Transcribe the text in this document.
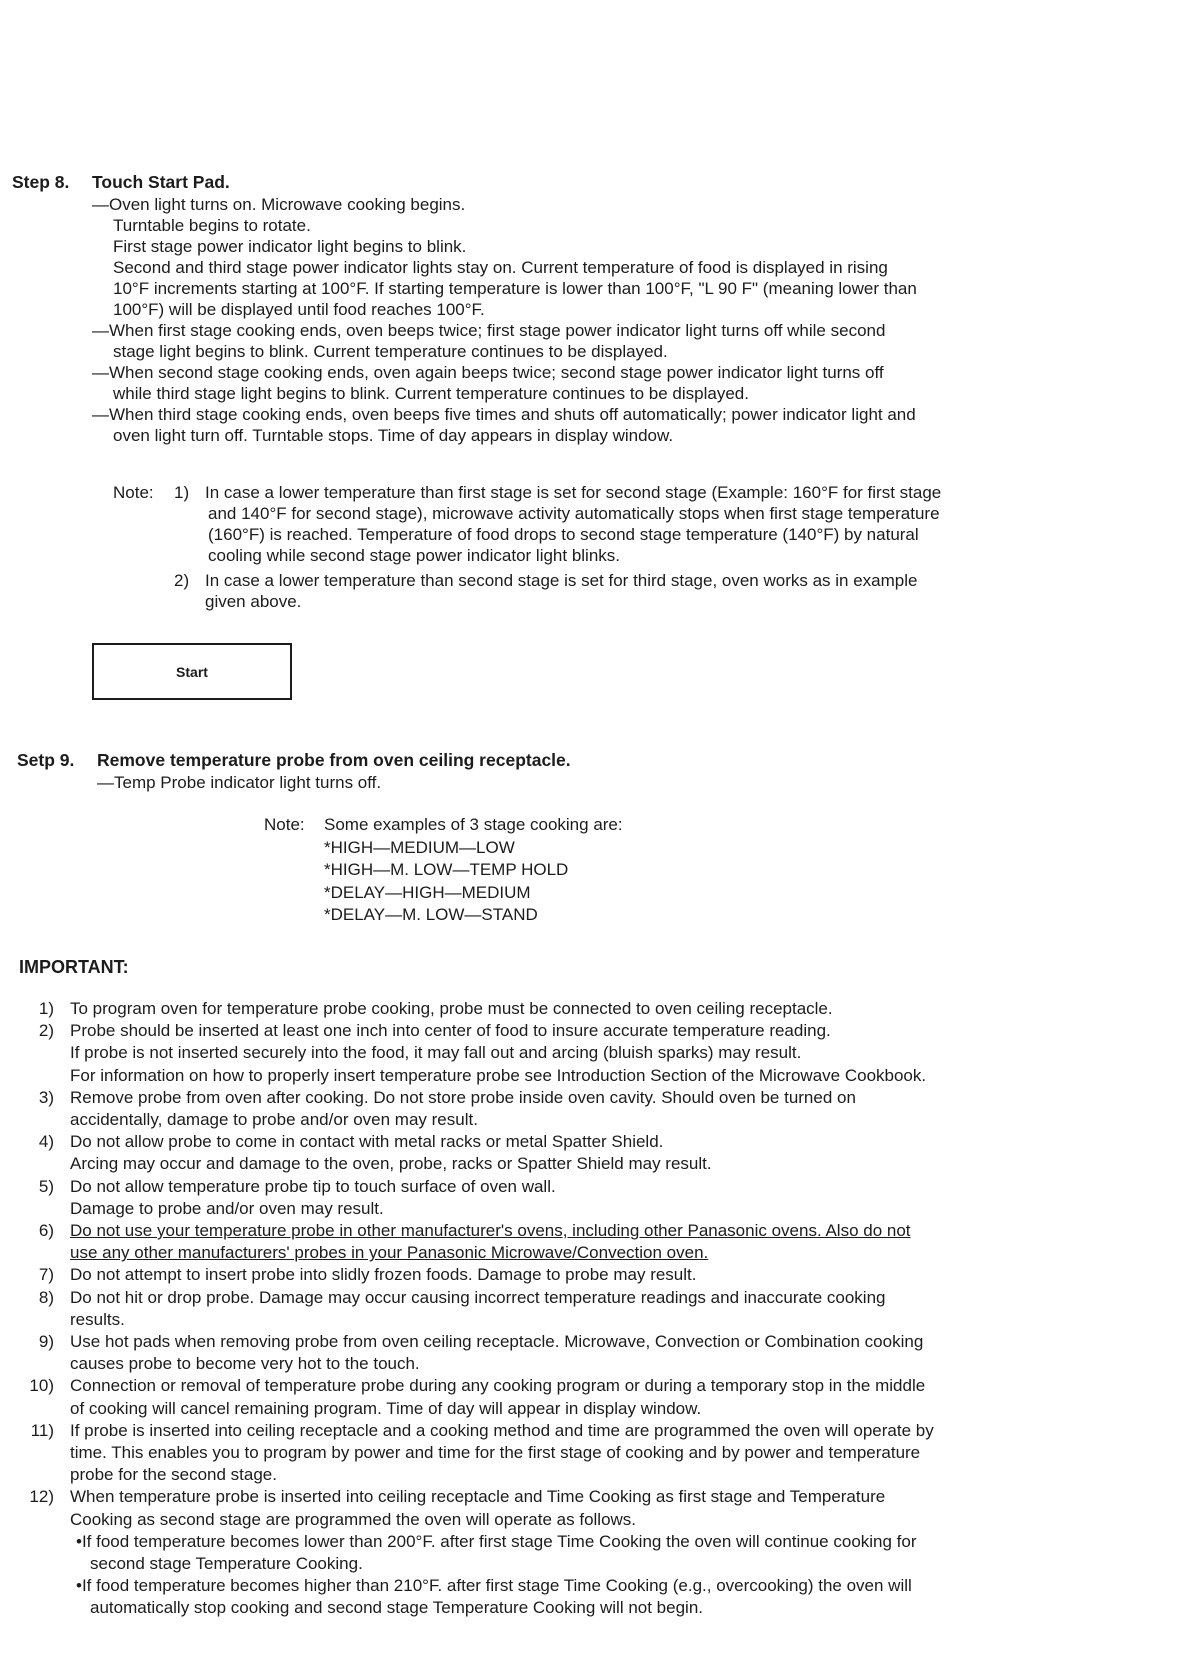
Step 8.	Touch Start Pad.
—Oven light turns on. Microwave cooking begins.
Turntable begins to rotate.
First stage power indicator light begins to blink.
Second and third stage power indicator lights stay on. Current temperature of food is displayed in rising
10°F increments starting at 100°F. If starting temperature is lower than 100°F, "L 90 F" (meaning lower than
100°F) will be displayed until food reaches 100°F.
—When first stage cooking ends, oven beeps twice; first stage power indicator light turns off while second
stage light begins to blink. Current temperature continues to be displayed.
—When second stage cooking ends, oven again beeps twice; second stage power indicator light turns off
while third stage light begins to blink. Current temperature continues to be displayed.
—When third stage cooking ends, oven beeps five times and shuts off automatically; power indicator light and
oven light turn off. Turntable stops. Time of day appears in display window.
Note:	1) In case a lower temperature than first stage is set for second stage (Example: 160°F for first stage
and 140°F for second stage), microwave activity automatically stops when first stage temperature
(160°F) is reached. Temperature of food drops to second stage temperature (140°F) by natural
cooling while second stage power indicator light blinks.
2) In case a lower temperature than second stage is set for third stage, oven works as in example
given above.
Start
Setp 9.	Remove temperature probe from oven ceiling receptacle.
—Temp Probe indicator light turns off.
Note:	Some examples of 3 stage cooking are:
*HIGH—MEDIUM—LOW
*HIGH—M. LOW—TEMP HOLD
*DELAY—HIGH—MEDIUM
*DELAY—M. LOW—STAND
IMPORTANT:
1) To program oven for temperature probe cooking, probe must be connected to oven ceiling receptacle.
2) Probe should be inserted at least one inch into center of food to insure accurate temperature reading.
If probe is not inserted securely into the food, it may fall out and arcing (bluish sparks) may result.
For information on how to properly insert temperature probe see Introduction Section of the Microwave Cookbook.
3) Remove probe from oven after cooking. Do not store probe inside oven cavity. Should oven be turned on
accidentally, damage to probe and/or oven may result.
4) Do not allow probe to come in contact with metal racks or metal Spatter Shield.
Arcing may occur and damage to the oven, probe, racks or Spatter Shield may result.
5) Do not allow temperature probe tip to touch surface of oven wall.
Damage to probe and/or oven may result.
6) Do not use your temperature probe in other manufacturer's ovens, including other Panasonic ovens. Also do not
use any other manufacturers' probes in your Panasonic Microwave/Convection oven.
7) Do not attempt to insert probe into slidly frozen foods. Damage to probe may result.
8) Do not hit or drop probe. Damage may occur causing incorrect temperature readings and inaccurate cooking
results.
9) Use hot pads when removing probe from oven ceiling receptacle. Microwave, Convection or Combination cooking
causes probe to become very hot to the touch.
10) Connection or removal of temperature probe during any cooking program or during a temporary stop in the middle
of cooking will cancel remaining program. Time of day will appear in display window.
11) If probe is inserted into ceiling receptacle and a cooking method and time are programmed the oven will operate by
time. This enables you to program by power and time for the first stage of cooking and by power and temperature
probe for the second stage.
12) When temperature probe is inserted into ceiling receptacle and Time Cooking as first stage and Temperature
Cooking as second stage are programmed the oven will operate as follows.
•If food temperature becomes lower than 200°F. after first stage Time Cooking the oven will continue cooking for
second stage Temperature Cooking.
•If food temperature becomes higher than 210°F. after first stage Time Cooking (e.g., overcooking) the oven will
automatically stop cooking and second stage Temperature Cooking will not begin.
